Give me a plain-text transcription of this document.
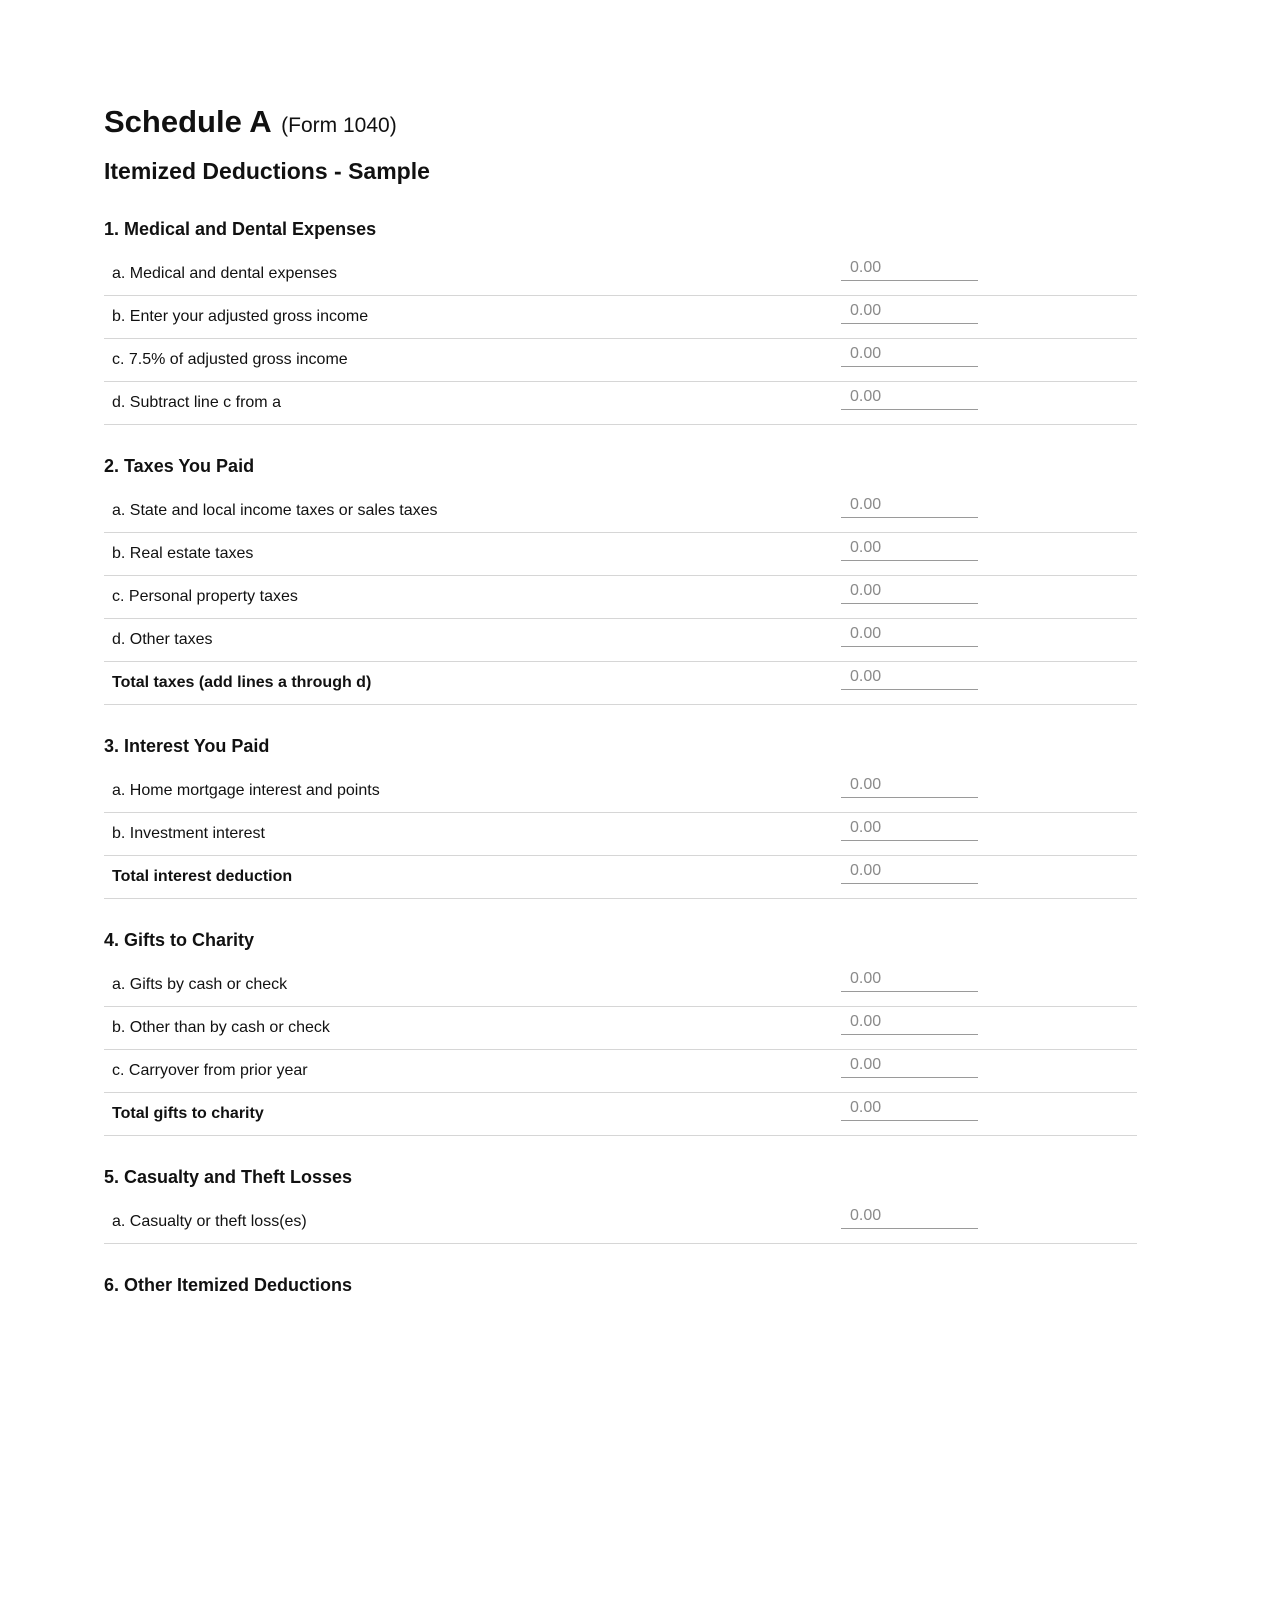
Schedule A (Form 1040)
Itemized Deductions - Sample
1. Medical and Dental Expenses
a. Medical and dental expenses
0.00
b. Enter your adjusted gross income
0.00
c. 7.5% of adjusted gross income
0.00
d. Subtract line c from a
0.00
2. Taxes You Paid
a. State and local income taxes or sales taxes
0.00
b. Real estate taxes
0.00
c. Personal property taxes
0.00
d. Other taxes
0.00
Total taxes (add lines a through d)
0.00
3. Interest You Paid
a. Home mortgage interest and points
0.00
b. Investment interest
0.00
Total interest deduction
0.00
4. Gifts to Charity
a. Gifts by cash or check
0.00
b. Other than by cash or check
0.00
c. Carryover from prior year
0.00
Total gifts to charity
0.00
5. Casualty and Theft Losses
a. Casualty or theft loss(es)
0.00
6. Other Itemized Deductions
